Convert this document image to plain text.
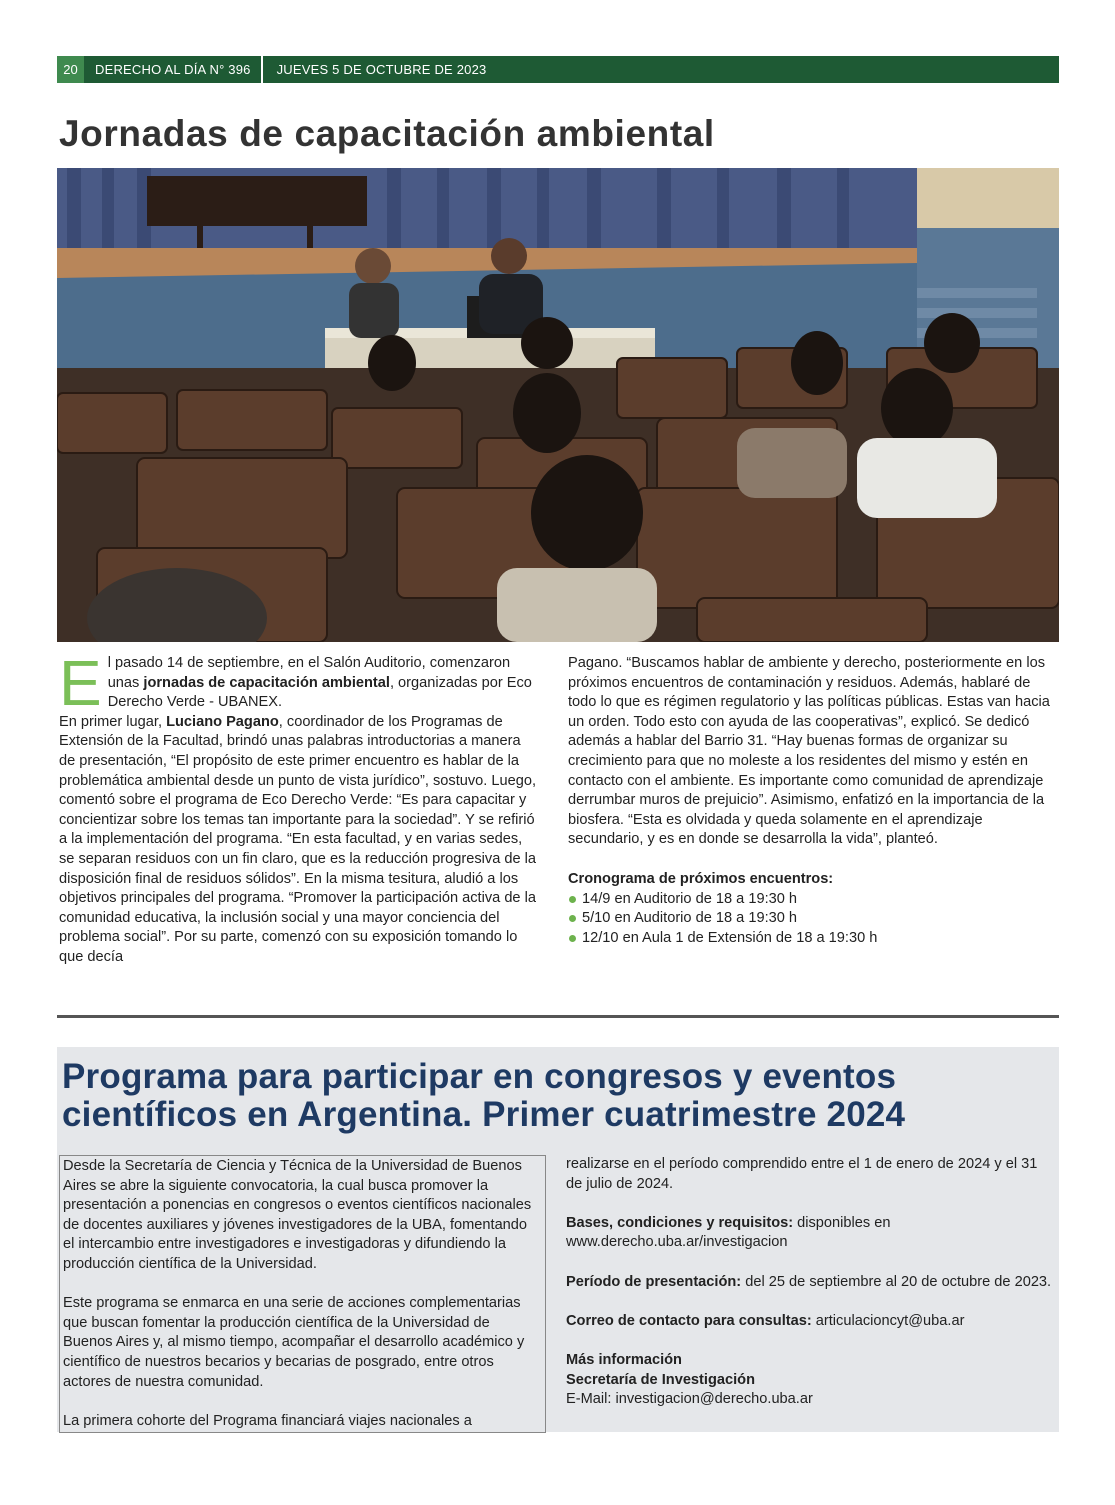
20	DERECHO AL DÍA N° 396	JUEVES 5 DE OCTUBRE DE 2023
Jornadas de capacitación ambiental

El pasado 14 de septiembre, en el Salón Auditorio, comenzaron unas jornadas de capacitación ambiental, organizadas por Eco Derecho Verde - UBANEX.

En primer lugar, Luciano Pagano, coordinador de los Programas de Extensión de la Facultad, brindó unas palabras introductorias a manera de presentación, “El propósito de este primer encuentro es hablar de la problemática ambiental desde un punto de vista jurídico”, sostuvo. Luego, comentó sobre el programa de Eco Derecho Verde: “Es para capacitar y concientizar sobre los temas tan importante para la sociedad”. Y se refirió a la implementación del programa. “En esta facultad, y en varias sedes, se separan residuos con un fin claro, que es la reducción progresiva de la disposición final de residuos sólidos”. En la misma tesitura, aludió a los objetivos principales del programa. “Promover la participación activa de la comunidad educativa, la inclusión social y una mayor conciencia del problema social”. Por su parte, comenzó con su exposición tomando lo que decía

Pagano. “Buscamos hablar de ambiente y derecho, posteriormente en los próximos encuentros de contaminación y residuos. Además, hablaré de todo lo que es régimen regulatorio y las políticas públicas. Estas van hacia un orden. Todo esto con ayuda de las cooperativas”, explicó. Se dedicó además a hablar del Barrio 31. “Hay buenas formas de organizar su crecimiento para que no moleste a los residentes del mismo y estén en contacto con el ambiente. Es importante como comunidad de aprendizaje derrumbar muros de prejuicio”. Asimismo, enfatizó en la importancia de la biosfera. “Esta es olvidada y queda solamente en el aprendizaje secundario, y es en donde se desarrolla la vida”, planteó.

Cronograma de próximos encuentros:

14/9 en Auditorio de 18 a 19:30 h
5/10 en Auditorio de 18 a 19:30 h
12/10 en Aula 1 de Extensión de 18 a 19:30 h
Programa para participar en congresos y eventos científicos en Argentina. Primer cuatrimestre 2024

Desde la Secretaría de Ciencia y Técnica de la Universidad de Buenos Aires se abre la siguiente convocatoria, la cual busca promover la presentación a ponencias en congresos o eventos científicos nacionales de docentes auxiliares y jóvenes investigadores de la UBA, fomentando el intercambio entre investigadores e investigadoras y difundiendo la producción científica de la Universidad.

Este programa se enmarca en una serie de acciones complementarias que buscan fomentar la producción científica de la Universidad de Buenos Aires y, al mismo tiempo, acompañar el desarrollo académico y científico de nuestros becarios y becarias de posgrado, entre otros actores de nuestra comunidad.

La primera cohorte del Programa financiará viajes nacionales a

realizarse en el período comprendido entre el 1 de enero de 2024 y el 31 de julio de 2024.

Bases, condiciones y requisitos: disponibles en www.derecho.uba.ar/investigacion

Período de presentación: del 25 de septiembre al 20 de octubre de 2023.

Correo de contacto para consultas: articulacioncyt@uba.ar

Más información
Secretaría de Investigación
E-Mail: investigacion@derecho.uba.ar
